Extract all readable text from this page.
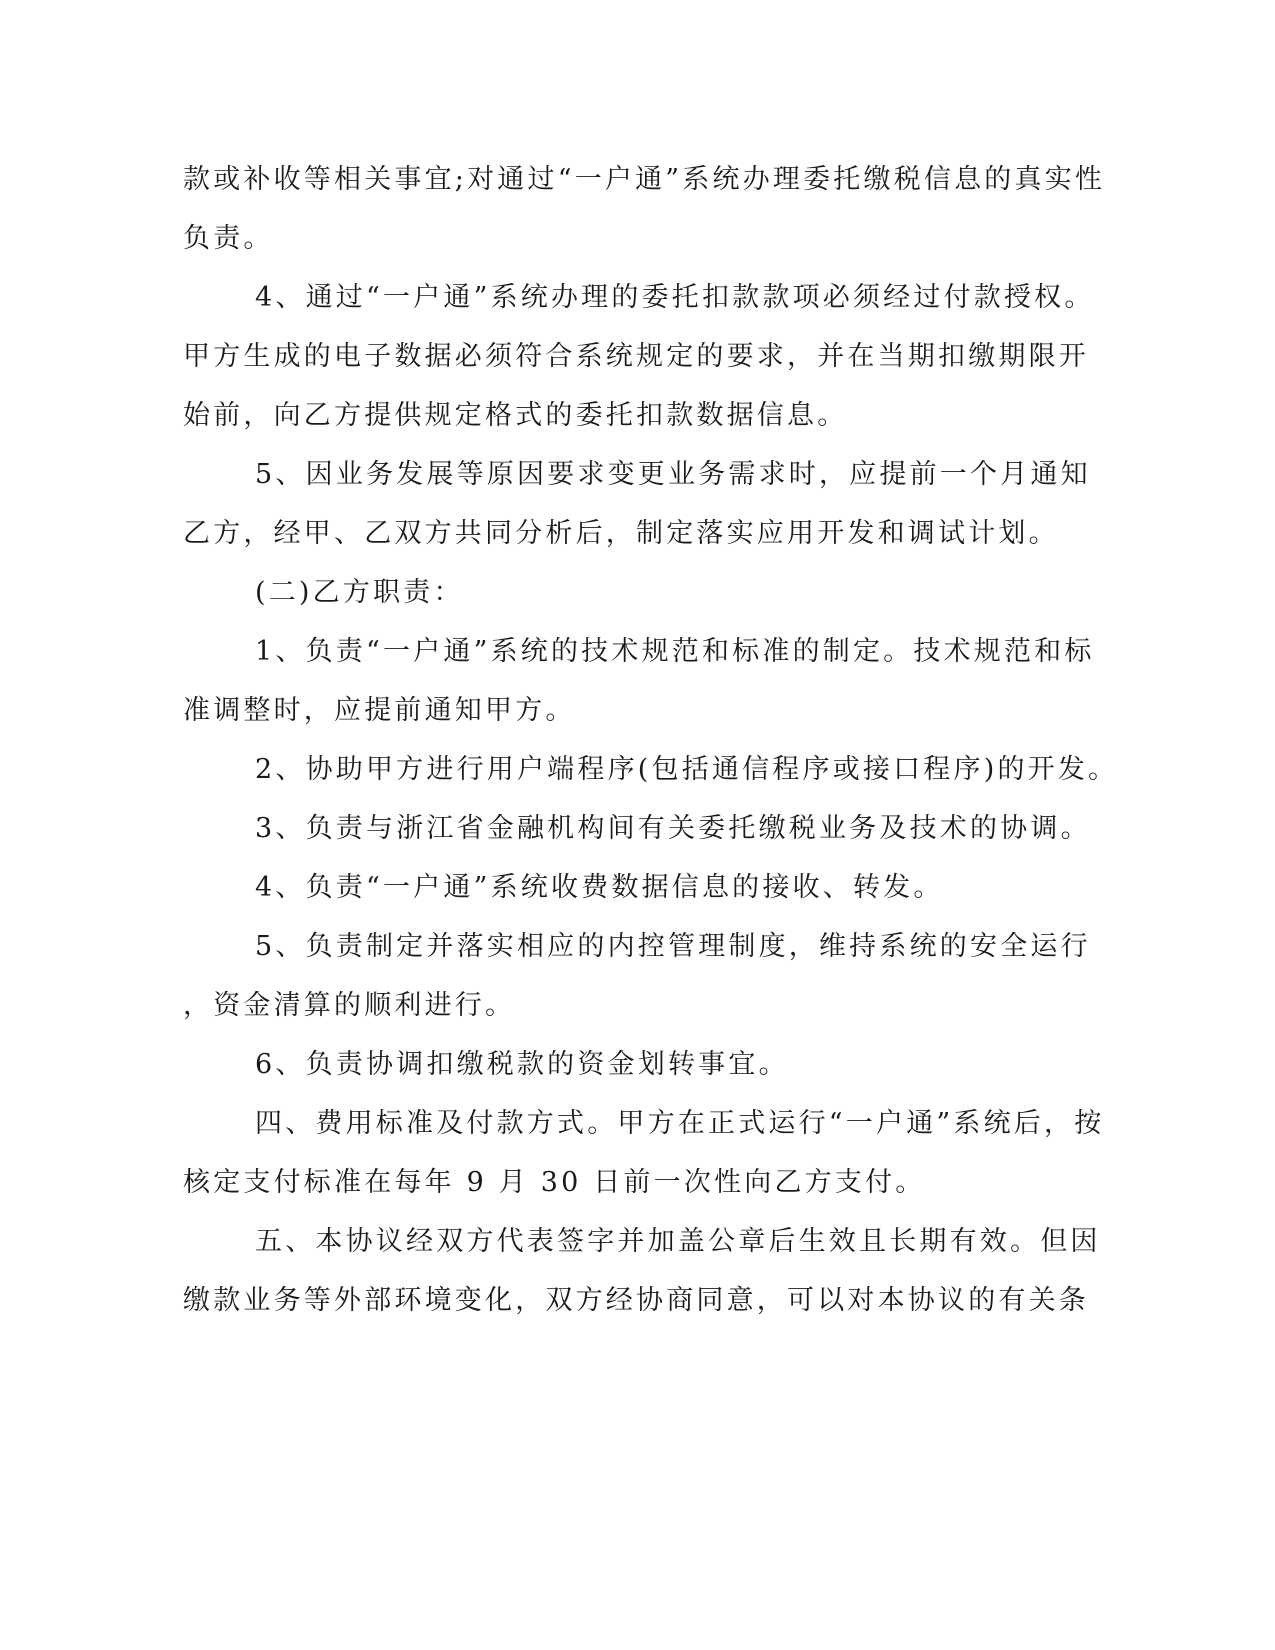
款或补收等相关事宜;对通过“一户通”系统办理委托缴税信息的真实性
负责。
4、通过“一户通”系统办理的委托扣款款项必须经过付款授权。
甲方生成的电子数据必须符合系统规定的要求，并在当期扣缴期限开
始前，向乙方提供规定格式的委托扣款数据信息。
5、因业务发展等原因要求变更业务需求时，应提前一个月通知
乙方，经甲、乙双方共同分析后，制定落实应用开发和调试计划。
(二)乙方职责：
1、负责“一户通”系统的技术规范和标准的制定。技术规范和标
准调整时，应提前通知甲方。
2、协助甲方进行用户端程序(包括通信程序或接口程序)的开发。
3、负责与浙江省金融机构间有关委托缴税业务及技术的协调。
4、负责“一户通”系统收费数据信息的接收、转发。
5、负责制定并落实相应的内控管理制度，维持系统的安全运行
，资金清算的顺利进行。
6、负责协调扣缴税款的资金划转事宜。
四、费用标准及付款方式。甲方在正式运行“一户通”系统后，按
核定支付标准在每年 9 月 30 日前一次性向乙方支付。
五、本协议经双方代表签字并加盖公章后生效且长期有效。但因
缴款业务等外部环境变化，双方经协商同意，可以对本协议的有关条
